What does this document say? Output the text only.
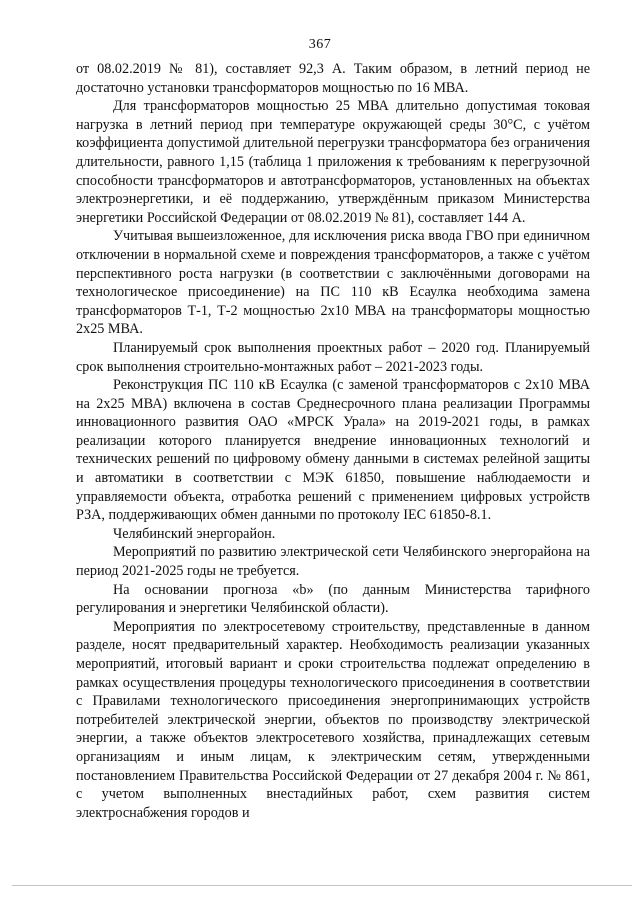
367

от 08.02.2019 № 81), составляет 92,3 А. Таким образом, в летний период не достаточно установки трансформаторов мощностью по 16 МВА.

Для трансформаторов мощностью 25 МВА длительно допустимая токовая нагрузка в летний период при температуре окружающей среды 30°С, с учётом коэффициента допустимой длительной перегрузки трансформатора без ограничения длительности, равного 1,15 (таблица 1 приложения к требованиям к перегрузочной способности трансформаторов и автотрансформаторов, установленных на объектах электроэнергетики, и её поддержанию, утверждённым приказом Министерства энергетики Российской Федерации от 08.02.2019 № 81), составляет 144 А.

Учитывая вышеизложенное, для исключения риска ввода ГВО при единичном отключении в нормальной схеме и повреждения трансформаторов, а также с учётом перспективного роста нагрузки (в соответствии с заключёнными договорами на технологическое присоединение) на ПС 110 кВ Есаулка необходима замена трансформаторов Т-1, Т-2 мощностью 2х10 МВА на трансформаторы мощностью 2х25 МВА.

Планируемый срок выполнения проектных работ – 2020 год. Планируемый срок выполнения строительно-монтажных работ – 2021-2023 годы.

Реконструкция ПС 110 кВ Есаулка (с заменой трансформаторов с 2х10 МВА на 2х25 МВА) включена в состав Среднесрочного плана реализации Программы инновационного развития ОАО «МРСК Урала» на 2019-2021 годы, в рамках реализации которого планируется внедрение инновационных технологий и технических решений по цифровому обмену данными в системах релейной защиты и автоматики в соответствии с МЭК 61850, повышение наблюдаемости и управляемости объекта, отработка решений с применением цифровых устройств РЗА, поддерживающих обмен данными по протоколу IEC 61850-8.1.

Челябинский энергорайон.

Мероприятий по развитию электрической сети Челябинского энергорайона на период 2021-2025 годы не требуется.

На основании прогноза «b» (по данным Министерства тарифного регулирования и энергетики Челябинской области).

Мероприятия по электросетевому строительству, представленные в данном разделе, носят предварительный характер. Необходимость реализации указанных мероприятий, итоговый вариант и сроки строительства подлежат определению в рамках осуществления процедуры технологического присоединения в соответствии с Правилами технологического присоединения энергопринимающих устройств потребителей электрической энергии, объектов по производству электрической энергии, а также объектов электросетевого хозяйства, принадлежащих сетевым организациям и иным лицам, к электрическим сетям, утвержденными постановлением Правительства Российской Федерации от 27 декабря 2004 г. № 861, с учетом выполненных внестадийных работ, схем развития систем электроснабжения городов и
